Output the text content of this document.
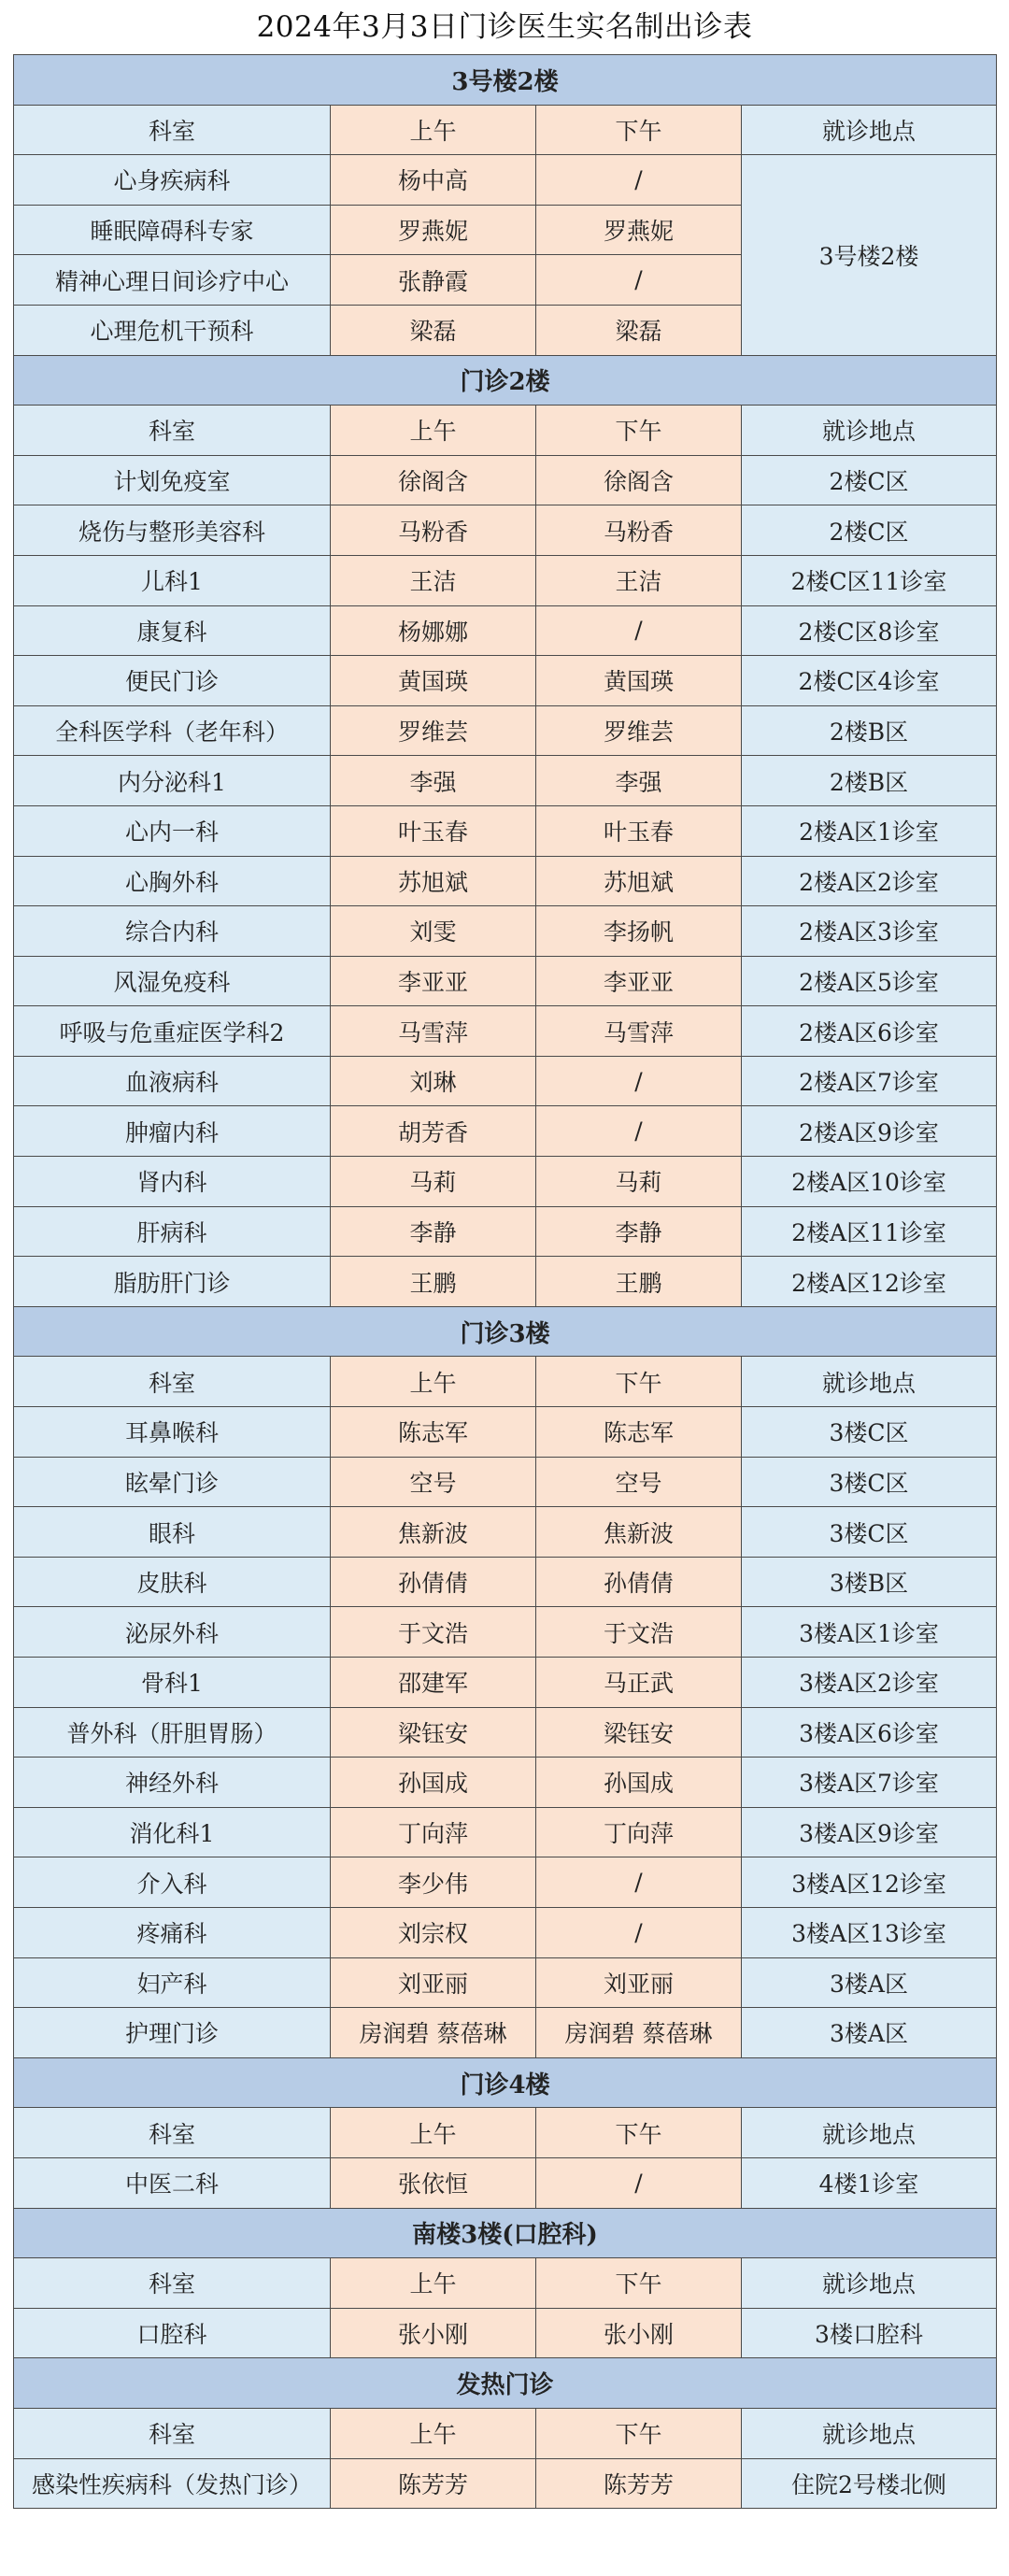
2024年3月3日门诊医生实名制出诊表
3号楼2楼			
科室	上午	下午	就诊地点
心身疾病科	杨中高	/	3号楼2楼
睡眠障碍科专家	罗燕妮	罗燕妮	
精神心理日间诊疗中心	张静霞	/	
心理危机干预科	梁磊	梁磊	
门诊2楼			
科室	上午	下午	就诊地点
计划免疫室	徐阁含	徐阁含	2楼C区
烧伤与整形美容科	马粉香	马粉香	2楼C区
儿科1	王洁	王洁	2楼C区11诊室
康复科	杨娜娜	/	2楼C区8诊室
便民门诊	黄国瑛	黄国瑛	2楼C区4诊室
全科医学科（老年科）	罗维芸	罗维芸	2楼B区
内分泌科1	李强	李强	2楼B区
心内一科	叶玉春	叶玉春	2楼A区1诊室
心胸外科	苏旭斌	苏旭斌	2楼A区2诊室
综合内科	刘雯	李扬帆	2楼A区3诊室
风湿免疫科	李亚亚	李亚亚	2楼A区5诊室
呼吸与危重症医学科2	马雪萍	马雪萍	2楼A区6诊室
血液病科	刘琳	/	2楼A区7诊室
肿瘤内科	胡芳香	/	2楼A区9诊室
肾内科	马莉	马莉	2楼A区10诊室
肝病科	李静	李静	2楼A区11诊室
脂肪肝门诊	王鹏	王鹏	2楼A区12诊室
门诊3楼			
科室	上午	下午	就诊地点
耳鼻喉科	陈志军	陈志军	3楼C区
眩晕门诊	空号	空号	3楼C区
眼科	焦新波	焦新波	3楼C区
皮肤科	孙倩倩	孙倩倩	3楼B区
泌尿外科	于文浩	于文浩	3楼A区1诊室
骨科1	邵建军	马正武	3楼A区2诊室
普外科（肝胆胃肠）	梁钰安	梁钰安	3楼A区6诊室
神经外科	孙国成	孙国成	3楼A区7诊室
消化科1	丁向萍	丁向萍	3楼A区9诊室
介入科	李少伟	/	3楼A区12诊室
疼痛科	刘宗权	/	3楼A区13诊室
妇产科	刘亚丽	刘亚丽	3楼A区
护理门诊	房润碧 蔡蓓琳	房润碧 蔡蓓琳	3楼A区
门诊4楼			
科室	上午	下午	就诊地点
中医二科	张依恒	/	4楼1诊室
南楼3楼(口腔科)			
科室	上午	下午	就诊地点
口腔科	张小刚	张小刚	3楼口腔科
发热门诊			
科室	上午	下午	就诊地点
感染性疾病科（发热门诊）	陈芳芳	陈芳芳	住院2号楼北侧
